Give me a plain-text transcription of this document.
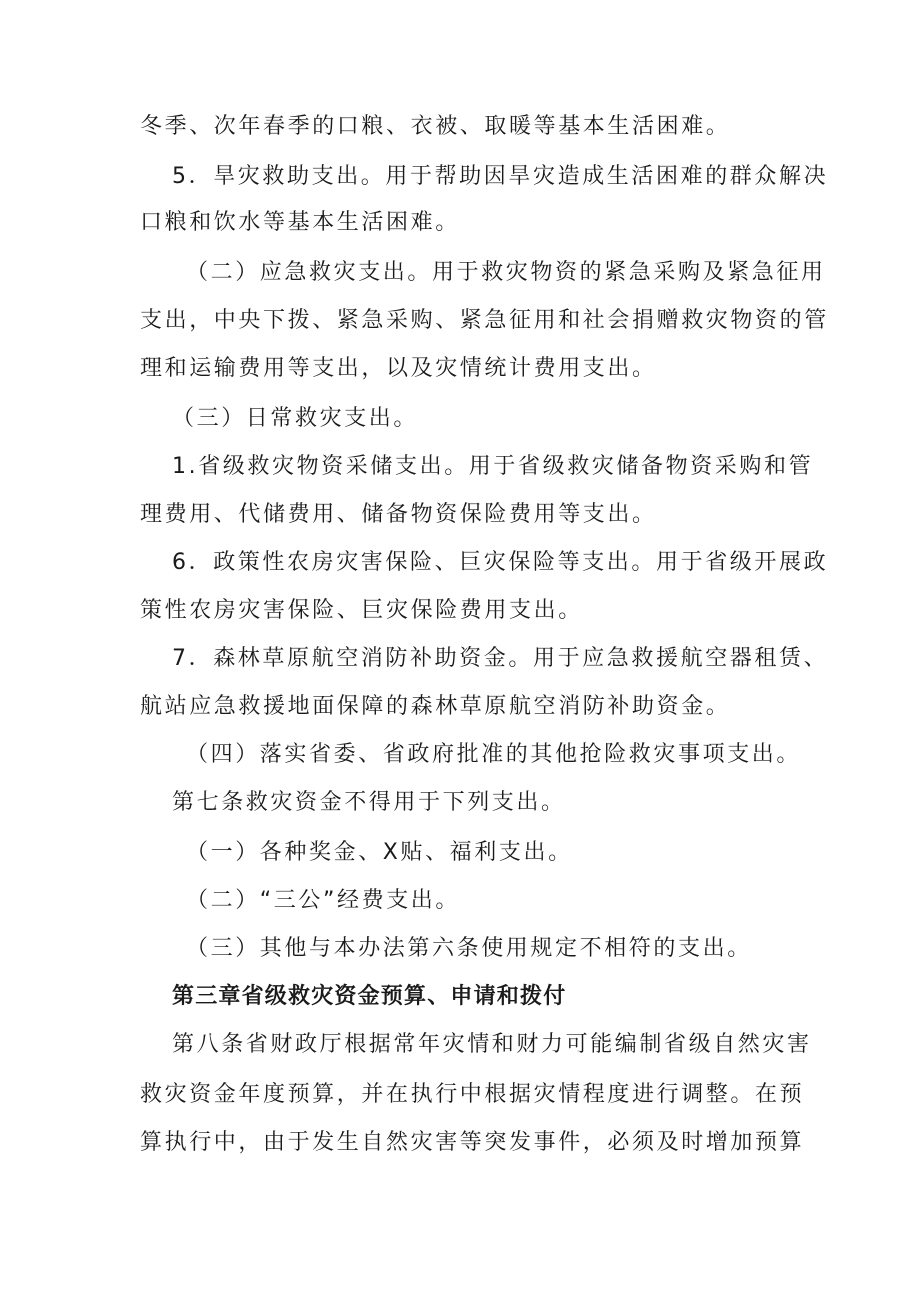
冬季、次年春季的口粮、衣被、取暖等基本生活困难。
5．旱灾救助支出。用于帮助因旱灾造成生活困难的群众解决
口粮和饮水等基本生活困难。
（二）应急救灾支出。用于救灾物资的紧急采购及紧急征用
支出，中央下拨、紧急采购、紧急征用和社会捐赠救灾物资的管
理和运输费用等支出，以及灾情统计费用支出。
（三）日常救灾支出。
1.省级救灾物资采储支出。用于省级救灾储备物资采购和管
理费用、代储费用、储备物资保险费用等支出。
6．政策性农房灾害保险、巨灾保险等支出。用于省级开展政
策性农房灾害保险、巨灾保险费用支出。
7．森林草原航空消防补助资金。用于应急救援航空器租赁、
航站应急救援地面保障的森林草原航空消防补助资金。
（四）落实省委、省政府批准的其他抢险救灾事项支出。
第七条救灾资金不得用于下列支出。
（一）各种奖金、X贴、福利支出。
（二）“三公”经费支出。
（三）其他与本办法第六条使用规定不相符的支出。
第三章省级救灾资金预算、申请和拨付
第八条省财政厅根据常年灾情和财力可能编制省级自然灾害
救灾资金年度预算，并在执行中根据灾情程度进行调整。在预
算执行中，由于发生自然灾害等突发事件，必须及时增加预算
